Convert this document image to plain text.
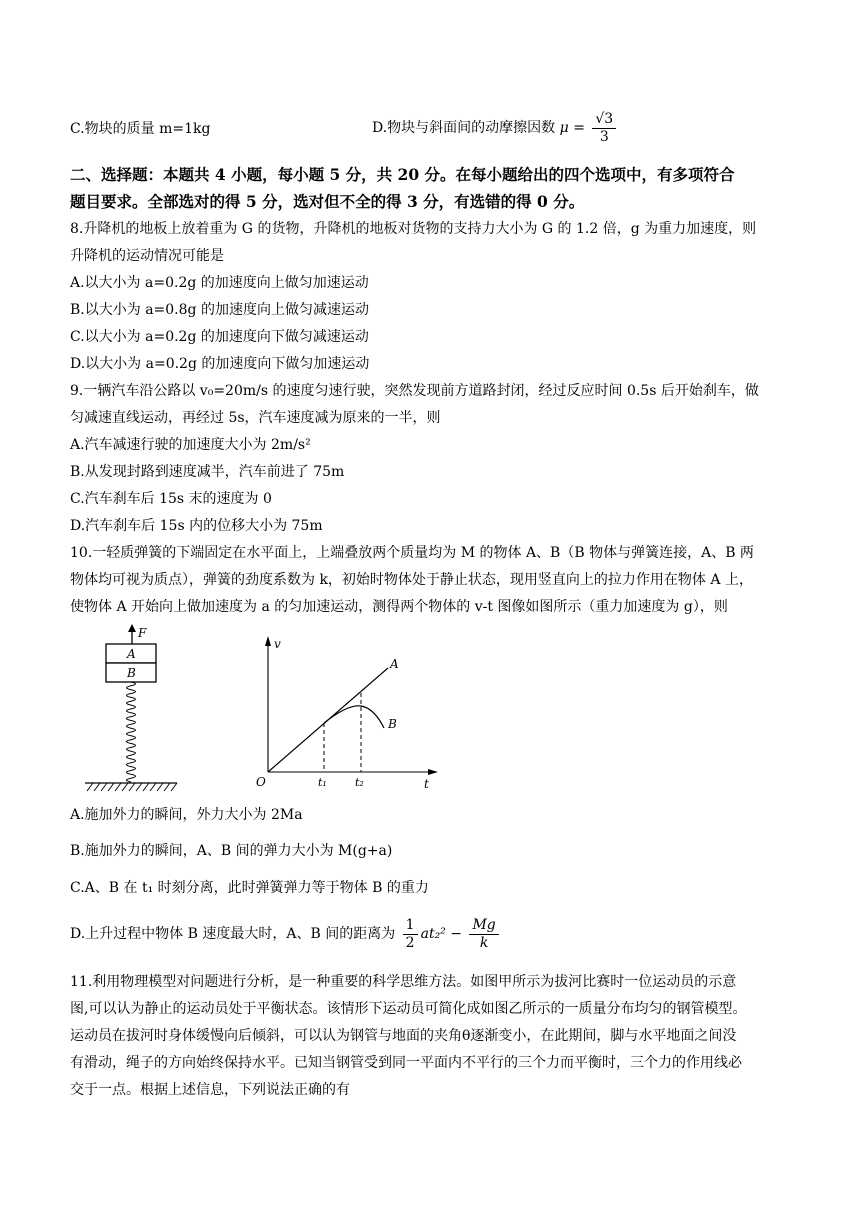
C.物块的质量 m=1kg	D.物块与斜面间的动摩擦因数 $\mu = \frac{√3}{3}$
二、选择题：本题共 4 小题，每小题 5 分，共 20 分。在每小题给出的四个选项中，有多项符合
题目要求。全部选对的得 5 分，选对但不全的得 3 分，有选错的得 0 分。
8.升降机的地板上放着重为 G 的货物，升降机的地板对货物的支持力大小为 G 的 1.2 倍，g 为重力加速度，则
升降机的运动情况可能是
A.以大小为 a=0.2g 的加速度向上做匀加速运动
B.以大小为 a=0.8g 的加速度向上做匀减速运动
C.以大小为 a=0.2g 的加速度向下做匀减速运动
D.以大小为 a=0.2g 的加速度向下做匀加速运动
9.一辆汽车沿公路以 v₀=20m/s 的速度匀速行驶，突然发现前方道路封闭，经过反应时间 0.5s 后开始刹车，做
匀减速直线运动，再经过 5s，汽车速度减为原来的一半，则
A.汽车减速行驶的加速度大小为 2m/s²
B.从发现封路到速度减半，汽车前进了 75m
C.汽车刹车后 15s 末的速度为 0
D.汽车刹车后 15s 内的位移大小为 75m
10.一轻质弹簧的下端固定在水平面上，上端叠放两个质量均为 M 的物体 A、B（B 物体与弹簧连接，A、B 两
物体均可视为质点），弹簧的劲度系数为 k，初始时物体处于静止状态，现用竖直向上的拉力作用在物体 A 上，
使物体 A 开始向上做加速度为 a 的匀加速运动，测得两个物体的 v-t 图像如图所示（重力加速度为 g），则
F
A
B
v
t
O
A
B
t₁	t₂
A.施加外力的瞬间，外力大小为 2Ma
B.施加外力的瞬间，A、B 间的弹力大小为 M(g+a)
C.A、B 在 t₁ 时刻分离，此时弹簧弹力等于物体 B 的重力
D.上升过程中物体 B 速度最大时，A、B 间的距离为 $\frac{1}{2} at_2^2 - \frac{Mg}{k}$
11.利用物理模型对问题进行分析，是一种重要的科学思维方法。如图甲所示为拔河比赛时一位运动员的示意
图,可以认为静止的运动员处于平衡状态。该情形下运动员可简化成如图乙所示的一质量分布均匀的钢管模型。
运动员在拔河时身体缓慢向后倾斜，可以认为钢管与地面的夹角θ逐渐变小，在此期间，脚与水平地面之间没
有滑动，绳子的方向始终保持水平。已知当钢管受到同一平面内不平行的三个力而平衡时，三个力的作用线必
交于一点。根据上述信息，下列说法正确的有
